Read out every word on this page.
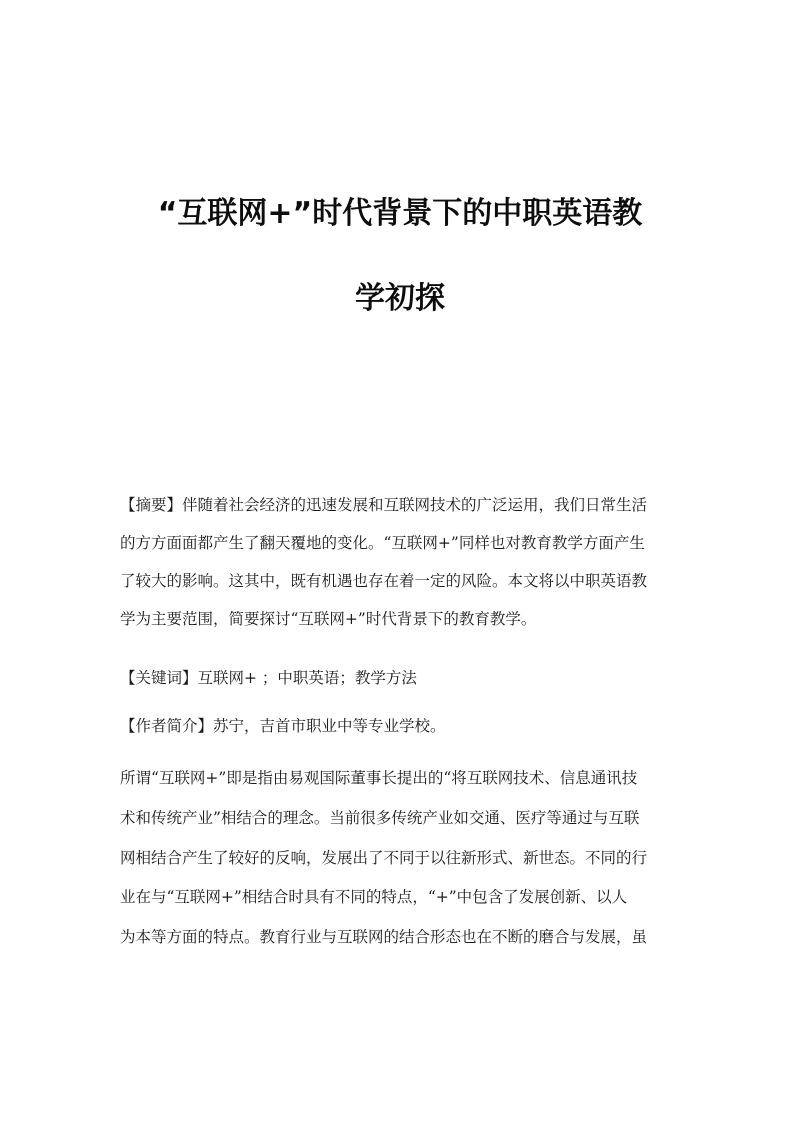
“互联网+”时代背景下的中职英语教
学初探
【摘要】伴随着社会经济的迅速发展和互联网技术的广泛运用，我们日常生活
的方方面面都产生了翻天覆地的变化。“互联网+”同样也对教育教学方面产生
了较大的影响。这其中，既有机遇也存在着一定的风险。本文将以中职英语教
学为主要范围，简要探讨“互联网+”时代背景下的教育教学。
【关键词】互联网+ ；中职英语；教学方法
【作者简介】苏宁，吉首市职业中等专业学校。
所谓“互联网+”即是指由易观国际董事长提出的“将互联网技术、信息通讯技
术和传统产业”相结合的理念。当前很多传统产业如交通、医疗等通过与互联
网相结合产生了较好的反响，发展出了不同于以往新形式、新世态。不同的行
业在与“互联网+”相结合时具有不同的特点，“+”中包含了发展创新、以人
为本等方面的特点。教育行业与互联网的结合形态也在不断的磨合与发展，虽
